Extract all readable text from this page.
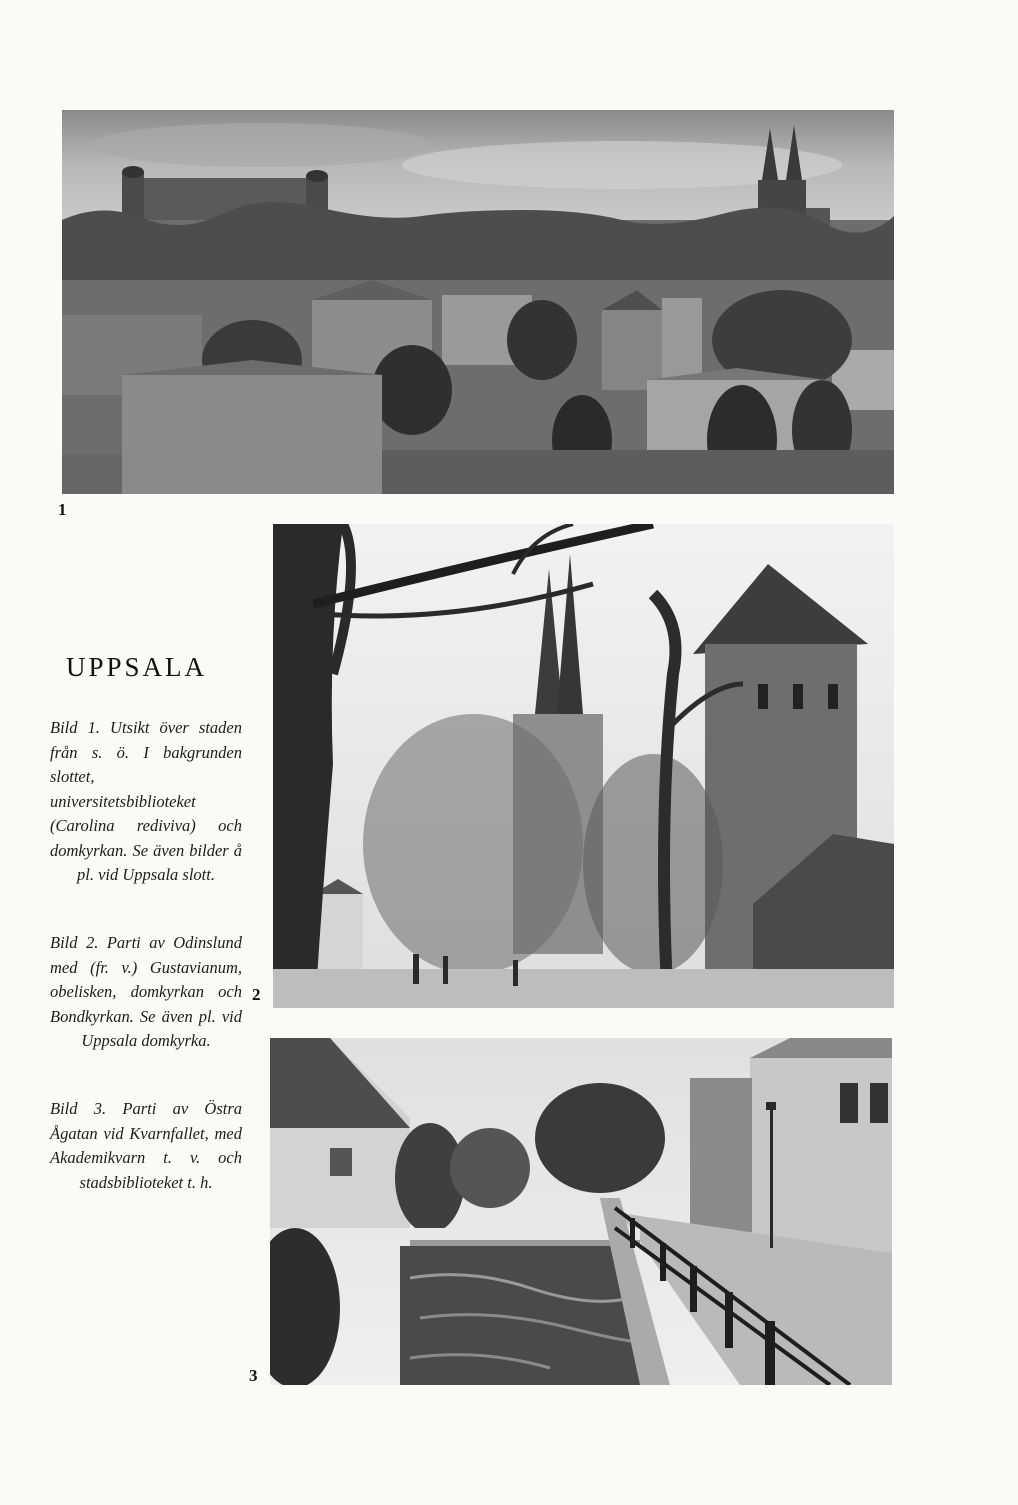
1
UPPSALA
2

Bild 1. Utsikt över staden från s. ö. I bakgrunden slottet, universitetsbiblioteket (Carolina rediviva) och domkyrkan. Se även bilder å pl. vid Uppsala slott.

Bild 2. Parti av Odinslund med (fr. v.) Gustavianum, obelisken, domkyrkan och Bondkyrkan. Se även pl. vid Uppsala domkyrka.

Bild 3. Parti av Östra Ågatan vid Kvarnfallet, med Akademikvarn t. v. och stadsbiblioteket t. h.

3
